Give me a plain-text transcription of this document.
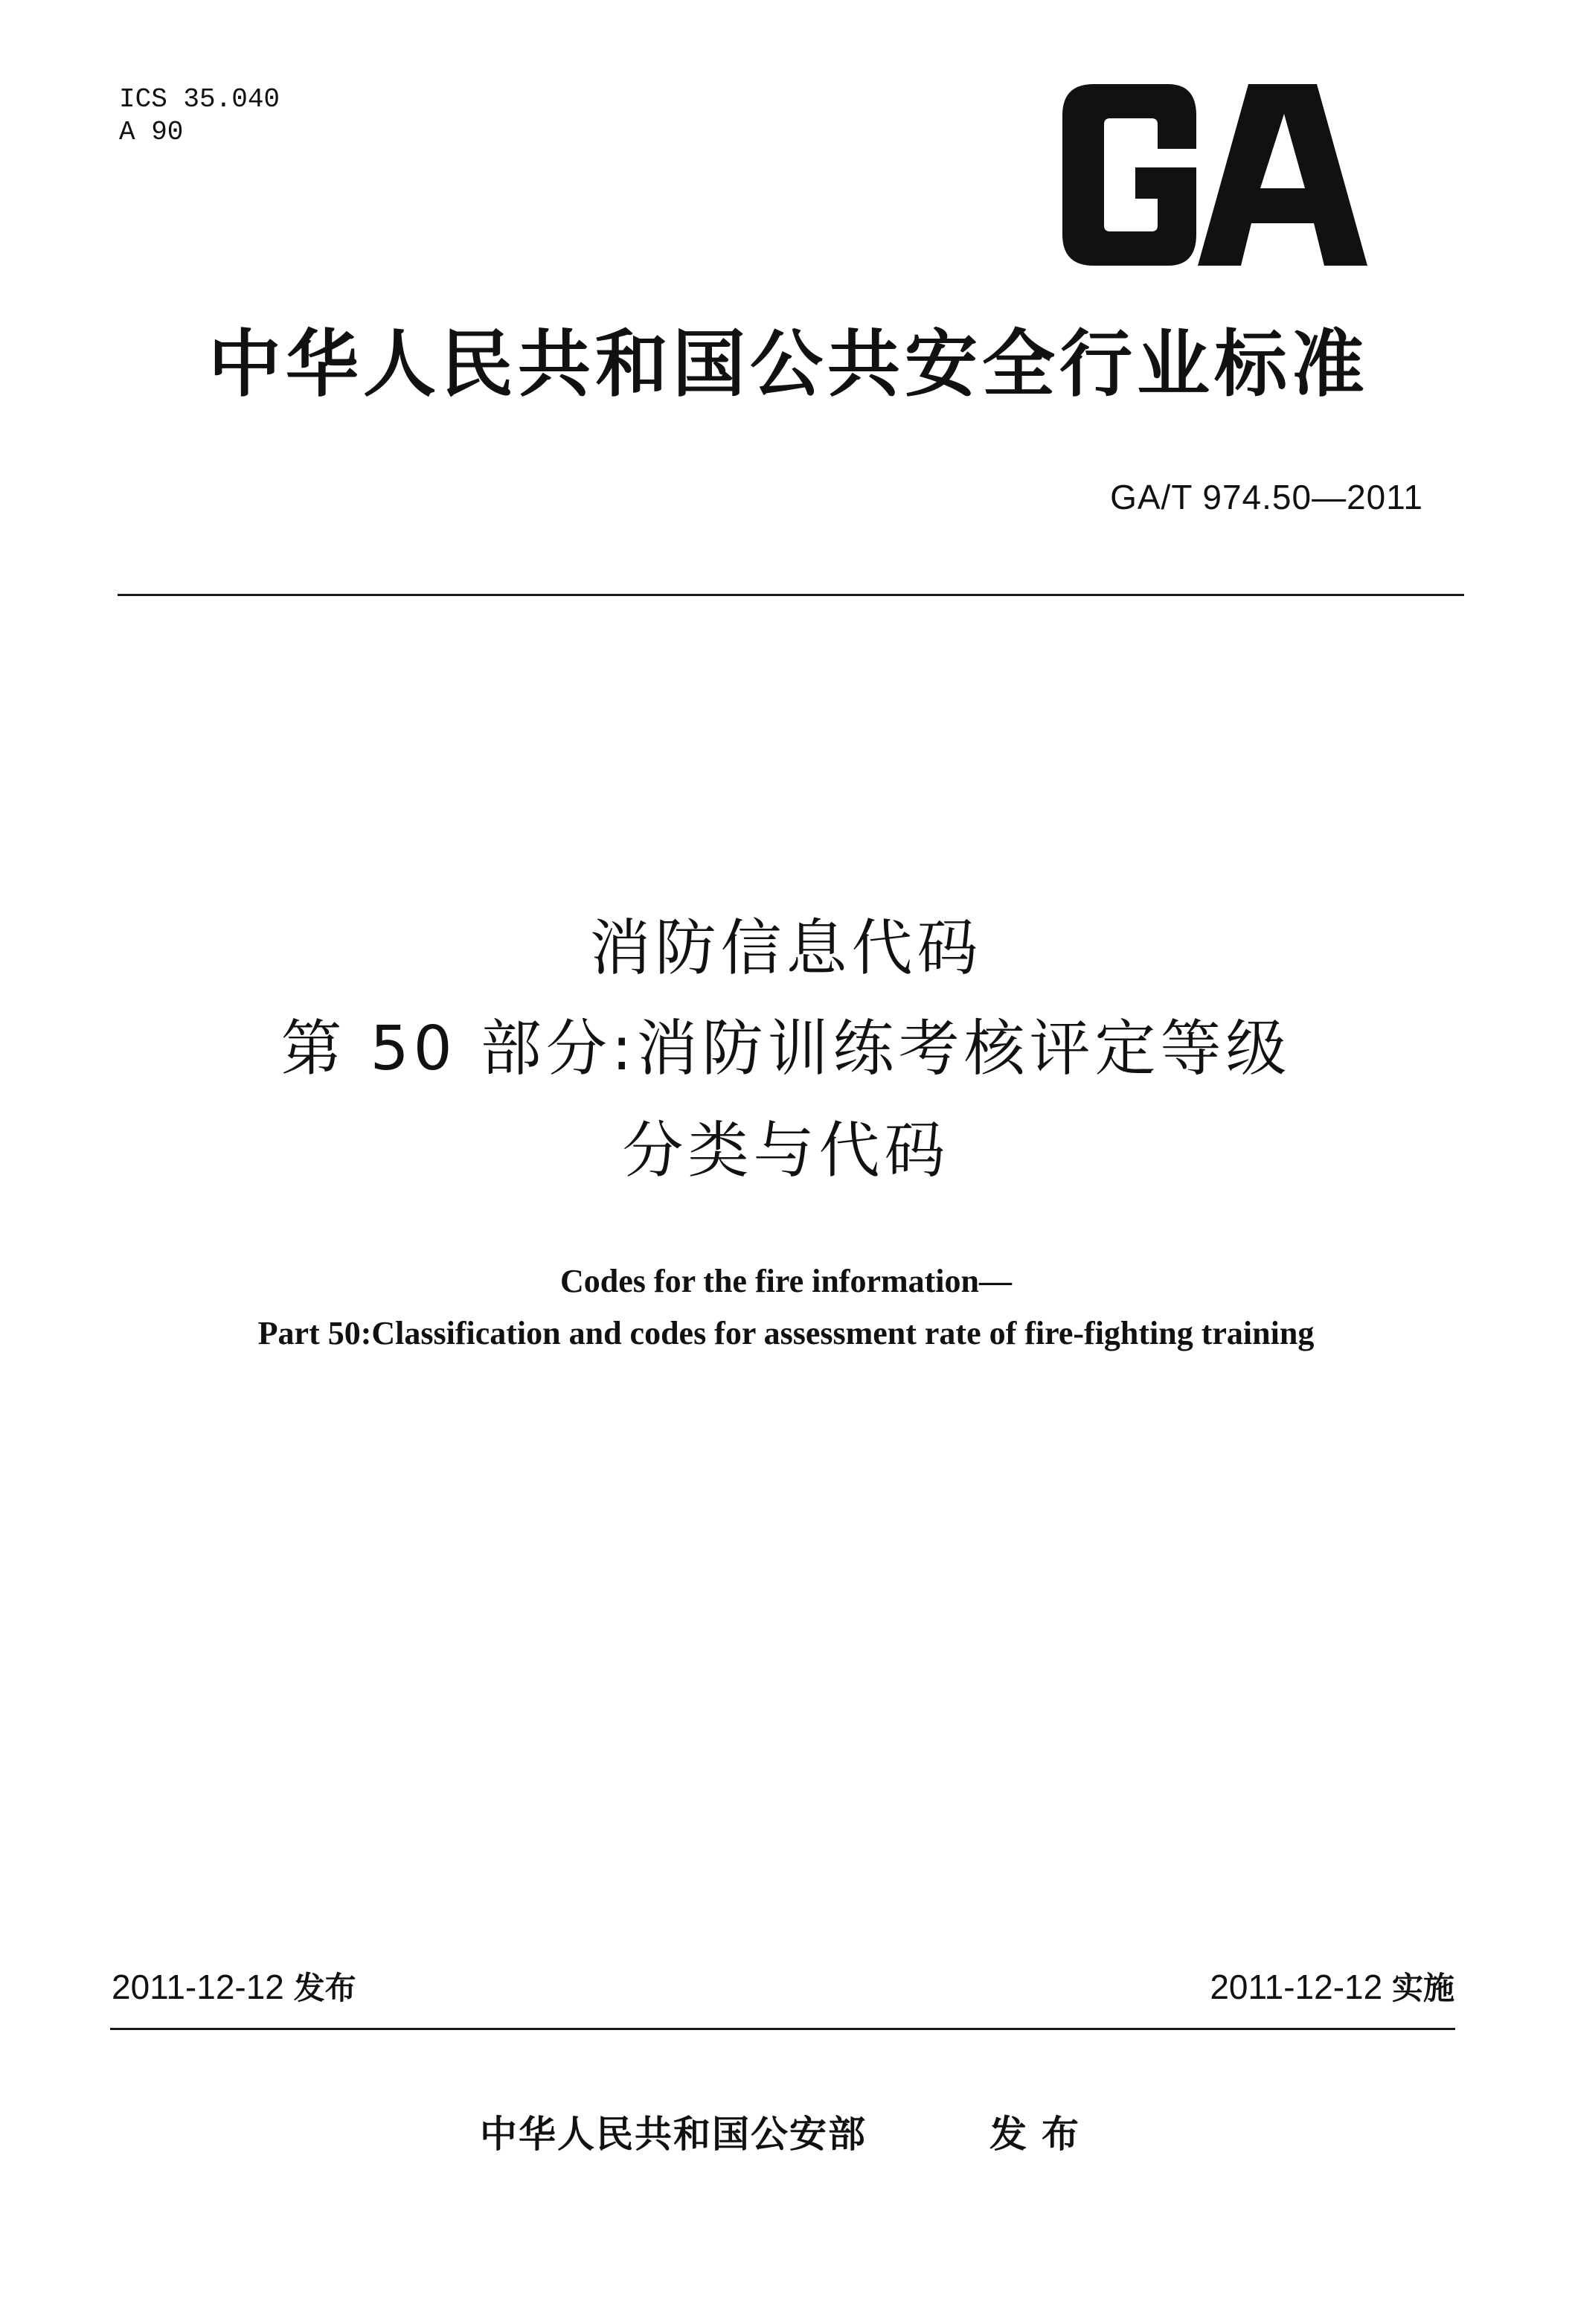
ICS 35.040
A 90
中华人民共和国公共安全行业标准
GA/T 974.50—2011
消防信息代码
第 50 部分:消防训练考核评定等级
分类与代码
Codes for the fire information—
Part 50:Classification and codes for assessment rate of fire-fighting training
2011-12-12 发布	2011-12-12 实施
中华人民共和国公安部	发布
